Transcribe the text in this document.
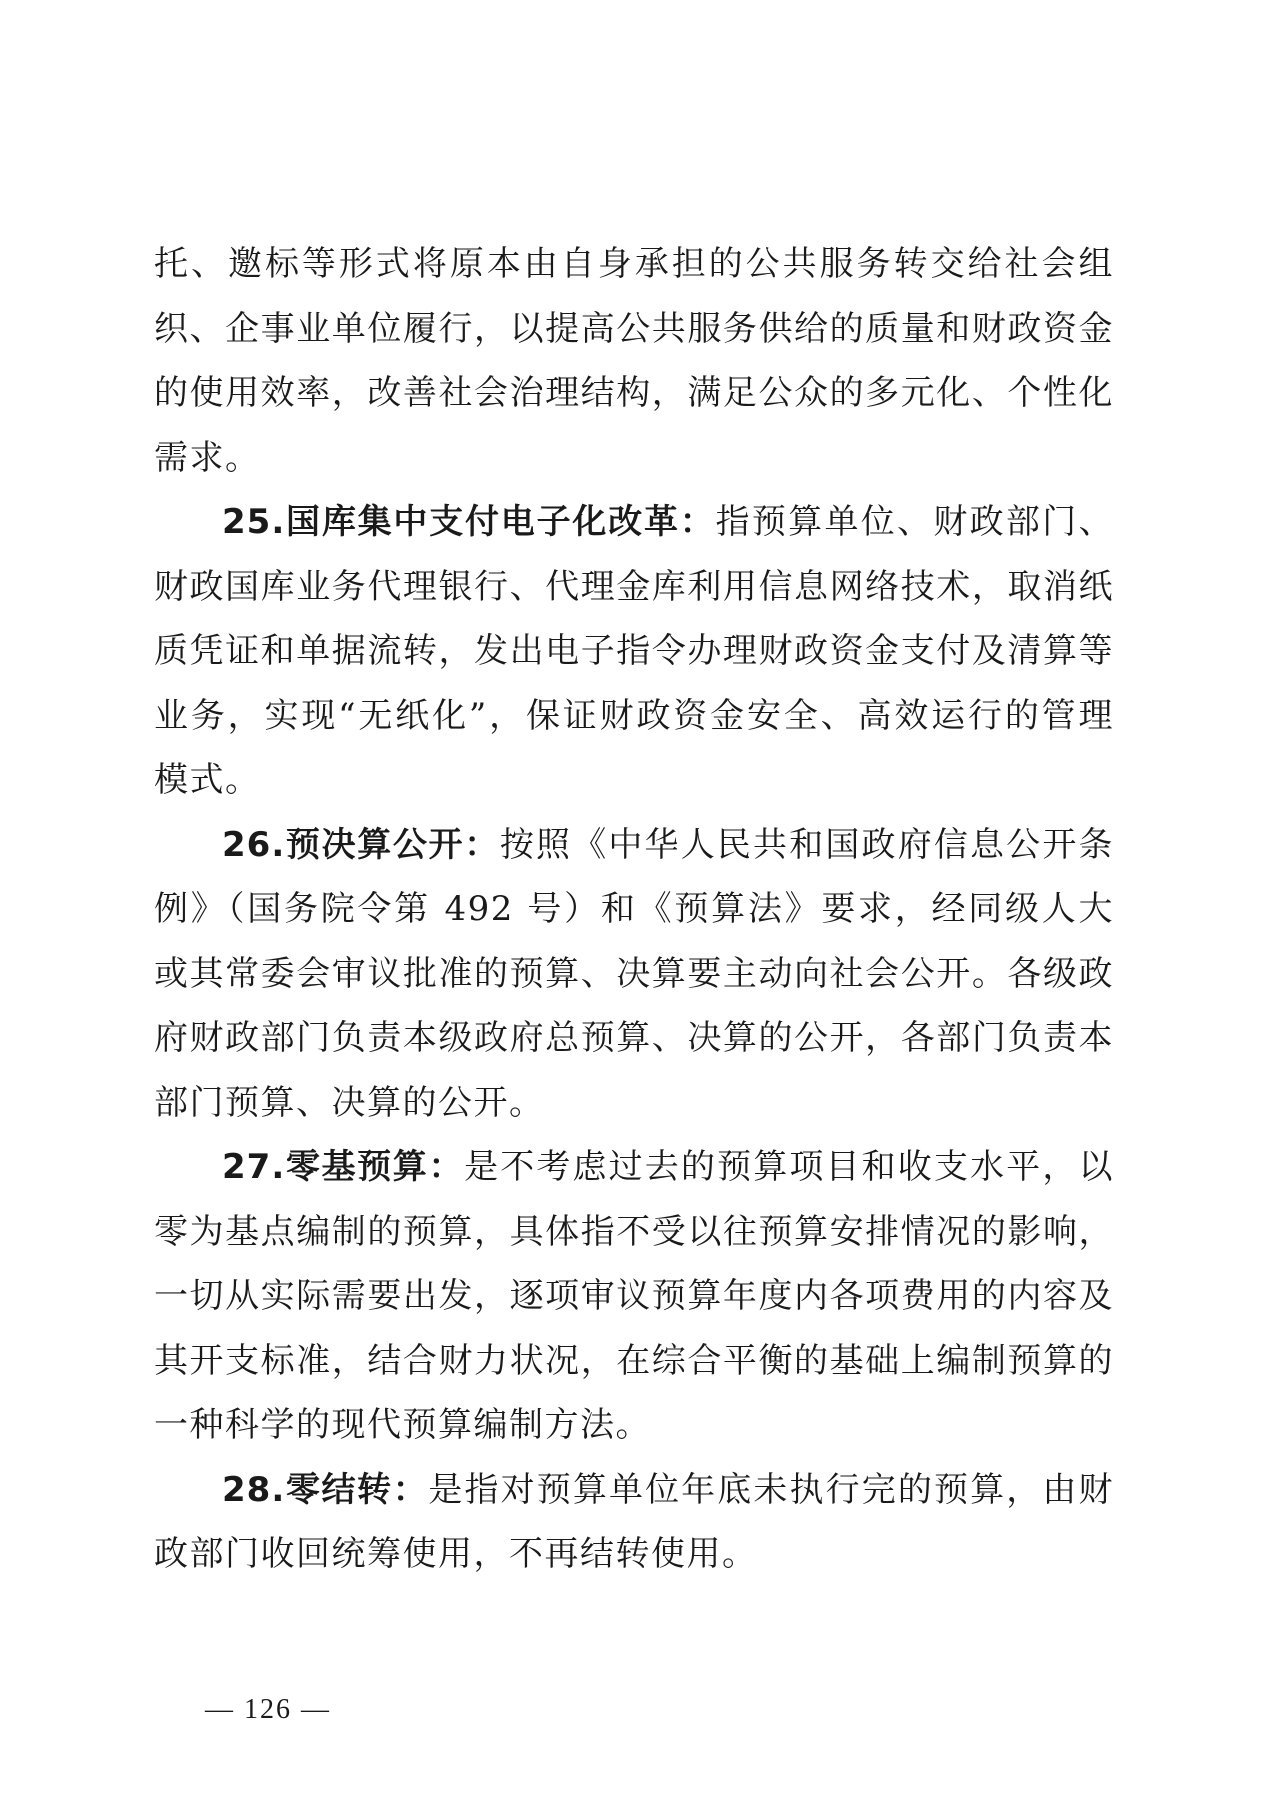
托、邀标等形式将原本由自身承担的公共服务转交给社会组织、企事业单位履行，以提高公共服务供给的质量和财政资金的使用效率，改善社会治理结构，满足公众的多元化、个性化需求。

25.国库集中支付电子化改革：指预算单位、财政部门、财政国库业务代理银行、代理金库利用信息网络技术，取消纸质凭证和单据流转，发出电子指令办理财政资金支付及清算等业务，实现“无纸化”，保证财政资金安全、高效运行的管理模式。

26.预决算公开：按照《中华人民共和国政府信息公开条例》（国务院令第 492 号）和《预算法》要求，经同级人大或其常委会审议批准的预算、决算要主动向社会公开。各级政府财政部门负责本级政府总预算、决算的公开，各部门负责本部门预算、决算的公开。

27.零基预算：是不考虑过去的预算项目和收支水平，以零为基点编制的预算，具体指不受以往预算安排情况的影响，一切从实际需要出发，逐项审议预算年度内各项费用的内容及其开支标准，结合财力状况，在综合平衡的基础上编制预算的一种科学的现代预算编制方法。

28.零结转：是指对预算单位年底未执行完的预算，由财政部门收回统筹使用，不再结转使用。

— 126 —
